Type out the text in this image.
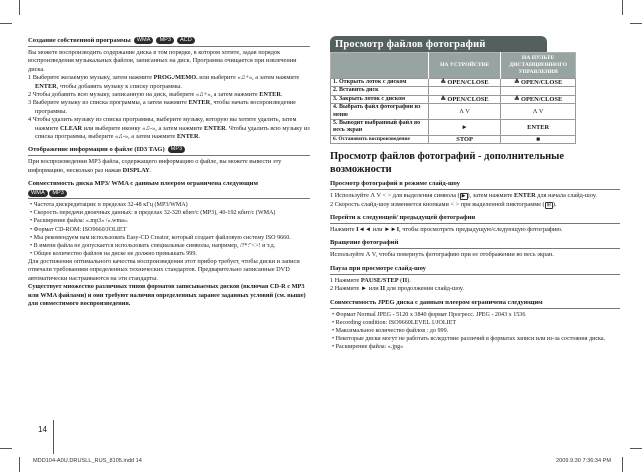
Создание собственной программы	WMA	MP3	ACD

Вы можете воспроизводить содержание диска в том порядке, в котором хотите, задав порядок воспроизведения музыкальных файлов, записанных на диск. Программа очищается при извлечении диска.

1 Выберите желаемую музыку, затем нажмите PROG./MEMO. или выберите «♫+», а затем нажмите ENTER, чтобы добавить музыку к списку программы.
2 Чтобы добавить всю музыку, записанную на диск, выберите «♫+», а затем нажмите ENTER.
3 Выберите музыку из списка программы, а затем нажмите ENTER, чтобы начать воспроизведение программы.
4 Чтобы удалить музыку из списка программы, выберите музыку, которую вы хотите удалить, затем нажмите CLEAR или выберите иконку «♫-», а затем нажмите ENTER. Чтобы удалить всю музыку из списка программы, выберите «♫-», а затем нажмите ENTER.
Отображение информации о файле (ID3 TAG)	MP3

При воспроизведении MP3 файла, содержащего информацию о файле, вы можете вывести эту информацию, несколько раз нажав DISPLAY.

Совместимость диска MP3/ WMA с данным плеером ограничена следующим
WMA MP3
• Частота дискредитации: в пределах 32-48 кГц (MP3/WMA)
• Скорость передачи двоичных данных: в пределах 32-320 кбит/с (MP3), 40-192 кбит/с (WMA)
• Расширение файла: «.mp3» /«.wma».
• Формат CD-ROM: ISO9660/JOLIET
• Мы рекомендуем вам использовать Easy-CD Creator, который создает файловую систему ISO 9660.
• В имени файла не допускается использовать специальные символы, например, /?*:"<>! и т.д.
• Общее количество файлов на диске не должно превышать 999.

Для достижения оптимального качества воспроизведения этот прибор требует, чтобы диски и записи отвечали требованиям определенных технических стандартов. Предварительно записанные DVD автоматически настраиваются на эти стандарты.

Существует множество различных типов форматов записываемых дисков (включая CD-R с MP3 или WMA файлами) и они требуют наличия определенных заранее заданных условий (см. выше) для совместимого воспроизведения.

Просмотр файлов фотографий
	НА УСТРОЙСТВЕ	НА ПУЛЬТЕ ДИСТАНЦИОННОГО УПРАВЛЕНИЯ
1. Открыть лоток с диском	≜ OPEN/CLOSE	≜ OPEN/CLOSE
2. Вставить диск		
3. Закрыть лоток с диском	≜ OPEN/CLOSE	≜ OPEN/CLOSE
4. Выбрать файл фотографии из меню	Λ V	Λ V
5. Выводит выбранный файл во весь экран	►	ENTER
6. Остановить воспроизведение	STOP	■
Просмотр файлов фотографий - дополнительные возможности
Просмотр фотографий в режиме слайд-шоу

1 Используйте Λ V < > для выделения символа ( ▶ ), затем нажмите ENTER для начала слайд-шоу.

2 Скорость слайд-шоу изменяется кнопками < > при выделенной пиктограмме ( ⊞ ).

Перейти к следующей/ предыдущей фотографии

Нажмите I◄◄ или ►►I, чтобы просмотреть предыдущую/следующую фотографию.

Вращение фотографий

Используйте Λ V, чтобы повернуть фотографию при ее отображении во весь экран.

Пауза при просмотре слайд-шоу

1 Нажмите PAUSE/STEP (II).

2 Нажмите ► или II для продолжения слайд-шоу.

Совместимость JPEG диска с данным плеером ограничена следующим
• Формат Normal JPEG - 5120 x 3840 формат Прогресс. JPEG - 2043 x 1536
• Recording condition: ISO9660LEVEL 1/JOLIET
• Максимальное количество файлов : до 999.
• Некоторые диски могут не работать вследствие различий в форматах записи или из-за состояния диска.
• Расширение файла: «.jpg»
14
MDD104-A0U.DRUSLL_RUS_8105.indd 14	2009.9.30 7:36:34 PM
